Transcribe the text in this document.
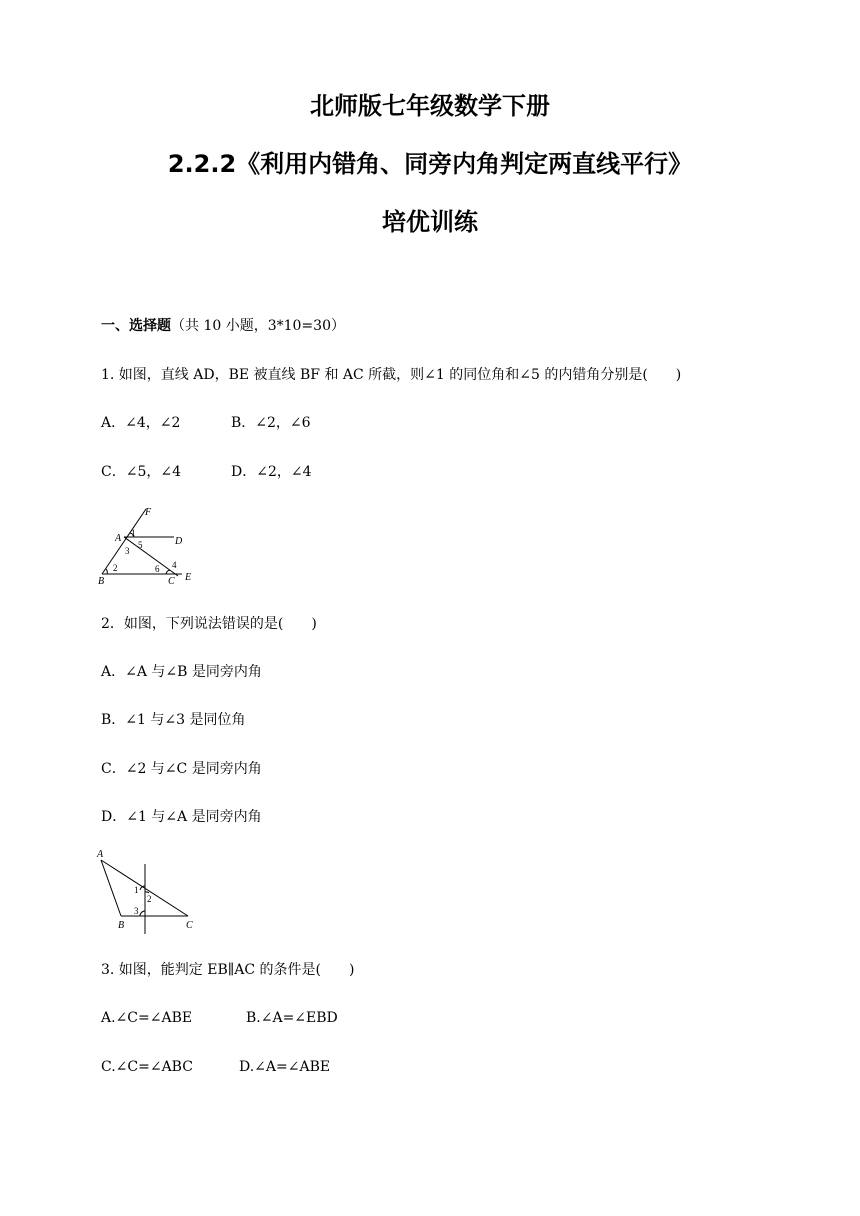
北师版七年级数学下册
2.2.2《利用内错角、同旁内角判定两直线平行》
培优训练
一、选择题（共 10 小题，3*10=30）
1. 如图，直线 AD，BE 被直线 BF 和 AC 所截，则∠1 的同位角和∠5 的内错角分别是(　　)
A．∠4，∠2	B．∠2，∠6
C．∠5，∠4	D．∠2，∠4
F
A	D
B	C E
1
5
3
2	6 4
2．如图，下列说法错误的是(　　)
A．∠A 与∠B 是同旁内角
B．∠1 与∠3 是同位角
C．∠2 与∠C 是同旁内角
D．∠1 与∠A 是同旁内角
A
B	C
1
2
3
3. 如图，能判定 EB∥AC 的条件是(　　)
A.∠C=∠ABE	B.∠A=∠EBD
C.∠C=∠ABC	D.∠A=∠ABE
